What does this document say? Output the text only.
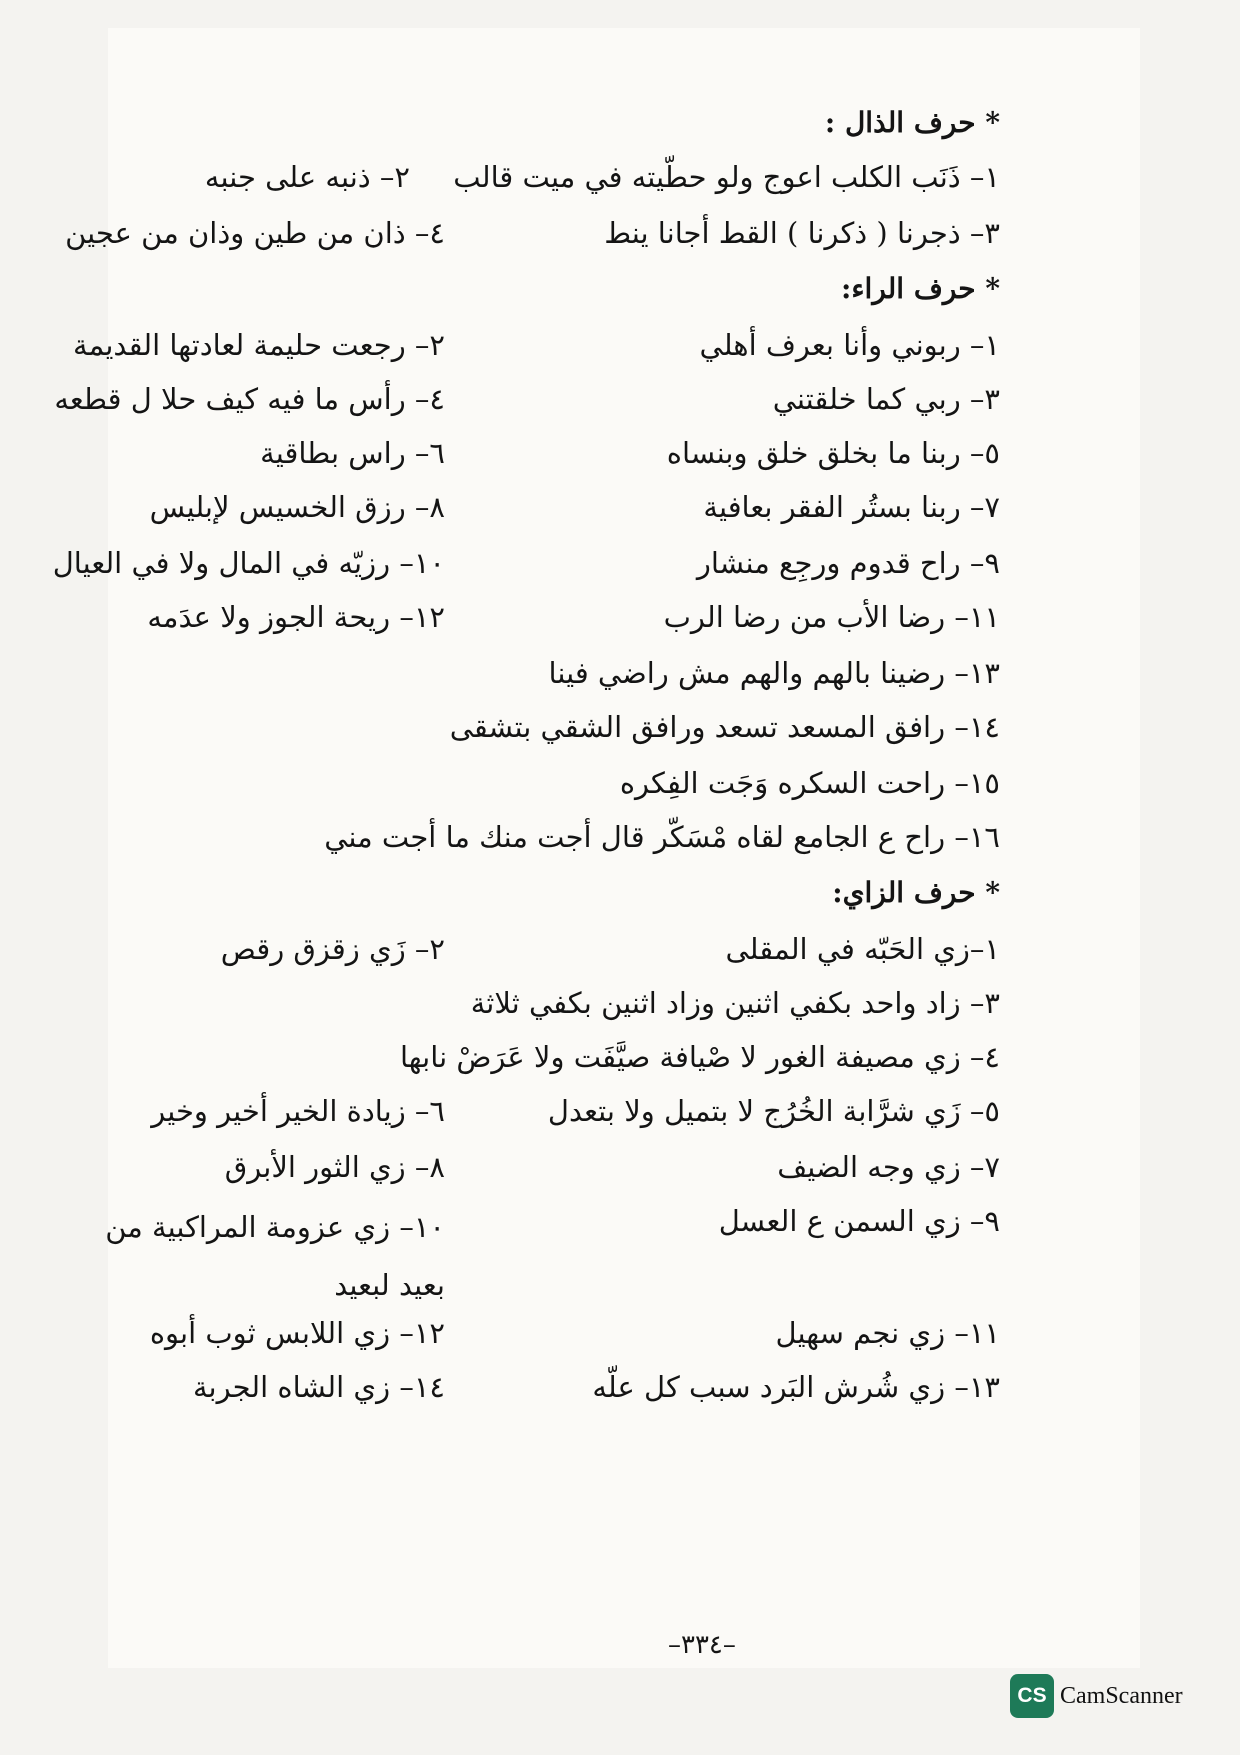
* حرف الذال :
١– ذَنَب الكلب اعوج ولو حطّيته في ميت قالب
٢– ذنبه على جنبه
٣– ذجرنا ( ذكرنا ) القط أجانا ينط
٤– ذان من طين وذان من عجين
* حرف الراء:
١– ربوني وأنا بعرف أهلي
٢– رجعت حليمة لعادتها القديمة
٣– ربي كما خلقتني
٤– رأس ما فيه كيف حلا ل قطعه
٥– ربنا ما بخلق خلق وبنساه
٦– راس بطاقية
٧– ربنا بستُر الفقر بعافية
٨– رزق الخسيس لإبليس
٩– راح قدوم ورجِع منشار
١٠– رزيّه في المال ولا في العيال
١١– رضا الأب من رضا الرب
١٢– ريحة الجوز ولا عدَمه
١٣– رضينا بالهم والهم مش راضي فينا
١٤– رافق المسعد تسعد ورافق الشقي بتشقى
١٥– راحت السكره وَجَت الفِكره
١٦– راح ع الجامع لقاه مْسَكّر قال أجت منك ما أجت مني
* حرف الزاي:
١–زي الحَبّه في المقلى
٢– زَي زقزق رقص
٣– زاد واحد بكفي اثنين وزاد اثنين بكفي ثلاثة
٤– زي مصيفة الغور لا صْيافة صيَّفَت ولا عَرَضْ نابها
٥– زَي شرَّابة الخُرُج لا بتميل ولا بتعدل
٦– زيادة الخير أخير وخير
٧– زي وجه الضيف
٨– زي الثور الأبرق
٩– زي السمن ع العسل
١٠– زي عزومة المراكبية من بعيد لبعيد
١١– زي نجم سهيل
١٢– زي اللابس ثوب أبوه
١٣– زي شُرش البَرد سبب كل علّه
١٤– زي الشاه الجربة
–٣٣٤–
CS CamScanner
